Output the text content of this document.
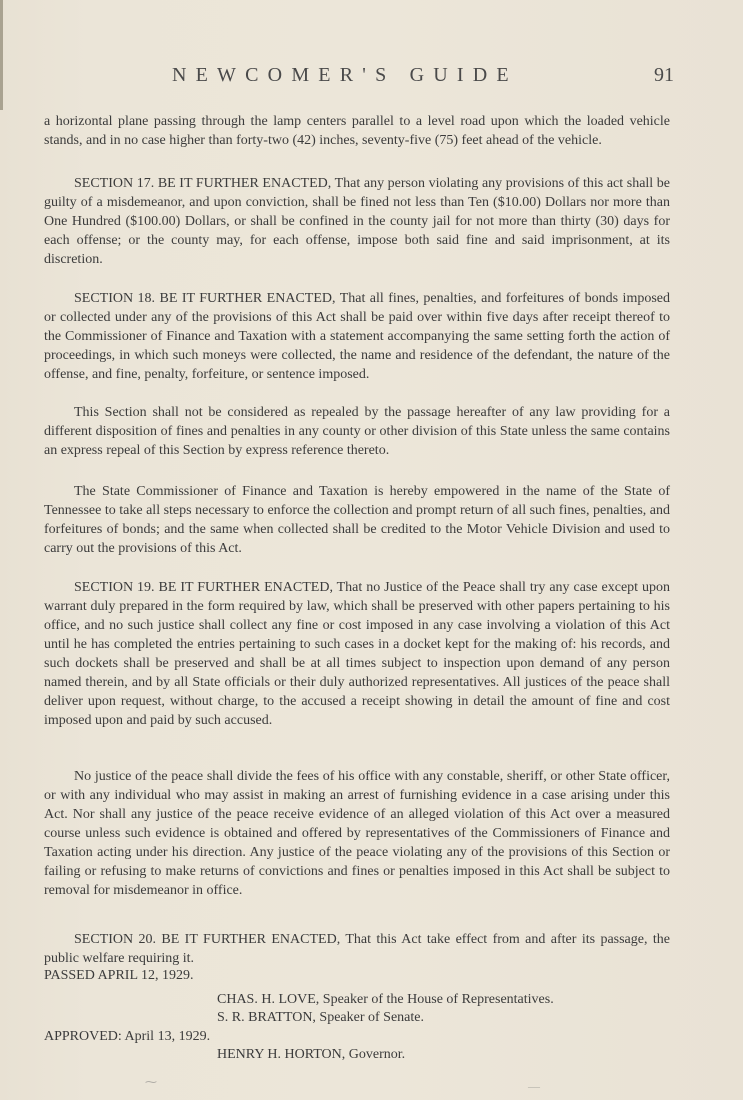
NEWCOMER'S GUIDE	91

a horizontal plane passing through the lamp centers parallel to a level road upon which the loaded vehicle stands, and in no case higher than forty-two (42) inches, seventy-five (75) feet ahead of the vehicle.

SECTION 17. BE IT FURTHER ENACTED, That any person violating any provisions of this act shall be guilty of a misdemeanor, and upon conviction, shall be fined not less than Ten ($10.00) Dollars nor more than One Hundred ($100.00) Dollars, or shall be confined in the county jail for not more than thirty (30) days for each offense; or the county may, for each offense, impose both said fine and said imprisonment, at its discretion.

SECTION 18. BE IT FURTHER ENACTED, That all fines, penalties, and forfeitures of bonds imposed or collected under any of the provisions of this Act shall be paid over within five days after receipt thereof to the Commissioner of Finance and Taxation with a statement accompanying the same setting forth the action of proceedings, in which such moneys were collected, the name and residence of the defendant, the nature of the offense, and fine, penalty, forfeiture, or sentence imposed.

This Section shall not be considered as repealed by the passage hereafter of any law providing for a different disposition of fines and penalties in any county or other division of this State unless the same contains an express repeal of this Section by express reference thereto.

The State Commissioner of Finance and Taxation is hereby empowered in the name of the State of Tennessee to take all steps necessary to enforce the collection and prompt return of all such fines, penalties, and forfeitures of bonds; and the same when collected shall be credited to the Motor Vehicle Division and used to carry out the provisions of this Act.

SECTION 19. BE IT FURTHER ENACTED, That no Justice of the Peace shall try any case except upon warrant duly prepared in the form required by law, which shall be preserved with other papers pertaining to his office, and no such justice shall collect any fine or cost imposed in any case involving a violation of this Act until he has completed the entries pertaining to such cases in a docket kept for the making of: his records, and such dockets shall be preserved and shall be at all times subject to inspection upon demand of any person named therein, and by all State officials or their duly authorized representatives. All justices of the peace shall deliver upon request, without charge, to the accused a receipt showing in detail the amount of fine and cost imposed upon and paid by such accused.

No justice of the peace shall divide the fees of his office with any constable, sheriff, or other State officer, or with any individual who may assist in making an arrest of furnishing evidence in a case arising under this Act. Nor shall any justice of the peace receive evidence of an alleged violation of this Act over a measured course unless such evidence is obtained and offered by representatives of the Commissioners of Finance and Taxation acting under his direction. Any justice of the peace violating any of the provisions of this Section or failing or refusing to make returns of convictions and fines or penalties imposed in this Act shall be subject to removal for misdemeanor in office.

SECTION 20. BE IT FURTHER ENACTED, That this Act take effect from and after its passage, the public welfare requiring it.

PASSED APRIL 12, 1929.
CHAS. H. LOVE, Speaker of the House of Representatives.
S. R. BRATTON, Speaker of Senate.
APPROVED: April 13, 1929.
HENRY H. HORTON, Governor.
⁓	—
